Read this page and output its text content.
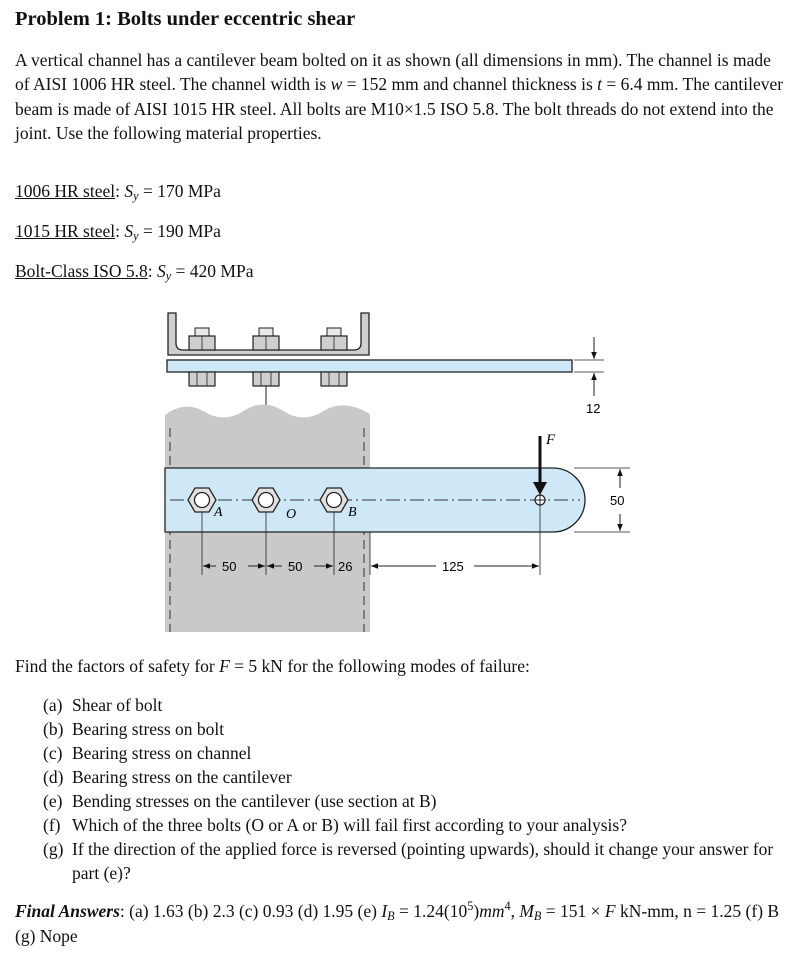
Problem 1: Bolts under eccentric shear

A vertical channel has a cantilever beam bolted on it as shown (all dimensions in mm). The channel is made of AISI 1006 HR steel. The channel width is w = 152 mm and channel thickness is t = 6.4 mm. The cantilever beam is made of AISI 1015 HR steel. All bolts are M10×1.5 ISO 5.8. The bolt threads do not extend into the joint. Use the following material properties.

1006 HR steel: $S_y = 170$ MPa
1015 HR steel: $S_y = 190$ MPa
Bolt-Class ISO 5.8: $S_y = 420$ MPa
12
A	O	B
F
50
50	50	26	125
Find the factors of safety for F = 5 kN for the following modes of failure:
(a) Shear of bolt
(b) Bearing stress on bolt
(c) Bearing stress on channel
(d) Bearing stress on the cantilever
(e) Bending stresses on the cantilever (use section at B)
(f) Which of the three bolts (O or A or B) will fail first according to your analysis?
(g) If the direction of the applied force is reversed (pointing upwards), should it change your answer for part (e)?
Final Answers: (a) 1.63 (b) 2.3 (c) 0.93 (d) 1.95 (e) $I_B = 1.24(10^5)mm^4$, $M_B = 151 \times F$ kN-mm, n = 1.25 (f) B (g) Nope
